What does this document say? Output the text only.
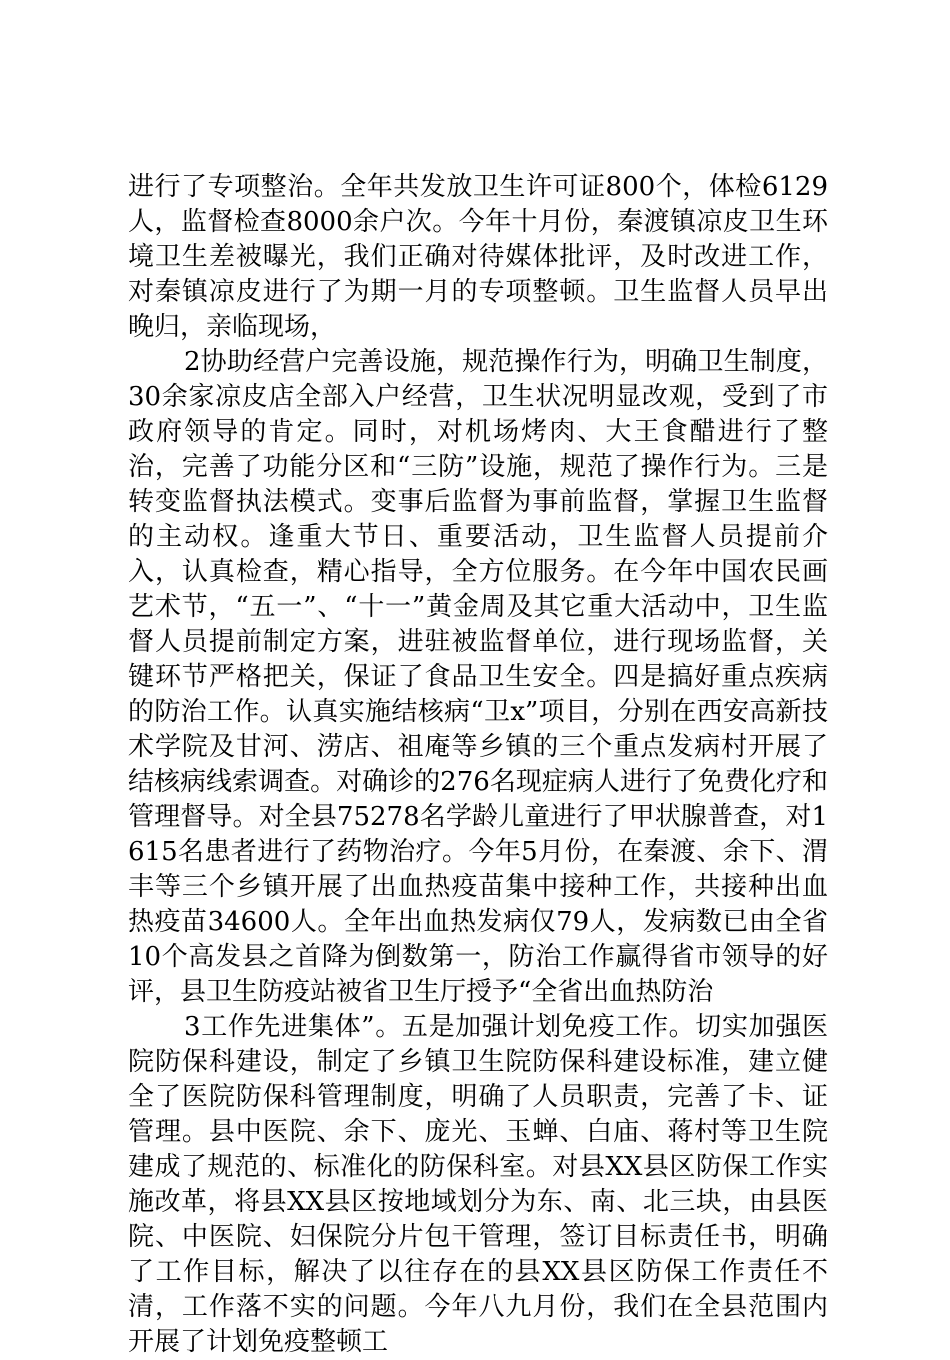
进行了专项整治。全年共发放卫生许可证800个，体检6129人，监督检查8000余户次。今年十月份，秦渡镇凉皮卫生环境卫生差被曝光，我们正确对待媒体批评，及时改进工作，对秦镇凉皮进行了为期一月的专项整顿。卫生监督人员早出晚归，亲临现场，

2协助经营户完善设施，规范操作行为，明确卫生制度，30余家凉皮店全部入户经营，卫生状况明显改观，受到了市政府领导的肯定。同时，对机场烤肉、大王食醋进行了整治，完善了功能分区和“三防”设施，规范了操作行为。三是转变监督执法模式。变事后监督为事前监督，掌握卫生监督的主动权。逢重大节日、重要活动，卫生监督人员提前介入，认真检查，精心指导，全方位服务。在今年中国农民画艺术节，“五一”、“十一”黄金周及其它重大活动中，卫生监督人员提前制定方案，进驻被监督单位，进行现场监督，关键环节严格把关，保证了食品卫生安全。四是搞好重点疾病的防治工作。认真实施结核病“卫x”项目，分别在西安高新技术学院及甘河、涝店、祖庵等乡镇的三个重点发病村开展了结核病线索调查。对确诊的276名现症病人进行了免费化疗和管理督导。对全县75278名学龄儿童进行了甲状腺普查，对1615名患者进行了药物治疗。今年5月份，在秦渡、余下、渭丰等三个乡镇开展了出血热疫苗集中接种工作，共接种出血热疫苗34600人。全年出血热发病仅79人，发病数已由全省10个高发县之首降为倒数第一，防治工作赢得省市领导的好评，县卫生防疫站被省卫生厅授予“全省出血热防治

3工作先进集体”。五是加强计划免疫工作。切实加强医院防保科建设，制定了乡镇卫生院防保科建设标准，建立健全了医院防保科管理制度，明确了人员职责，完善了卡、证管理。县中医院、余下、庞光、玉蝉、白庙、蒋村等卫生院建成了规范的、标准化的防保科室。对县XX县区防保工作实施改革，将县XX县区按地域划分为东、南、北三块，由县医院、中医院、妇保院分片包干管理，签订目标责任书，明确了工作目标，解决了以往存在的县XX县区防保工作责任不清，工作落不实的问题。今年八九月份，我们在全县范围内开展了计划免疫整顿工
